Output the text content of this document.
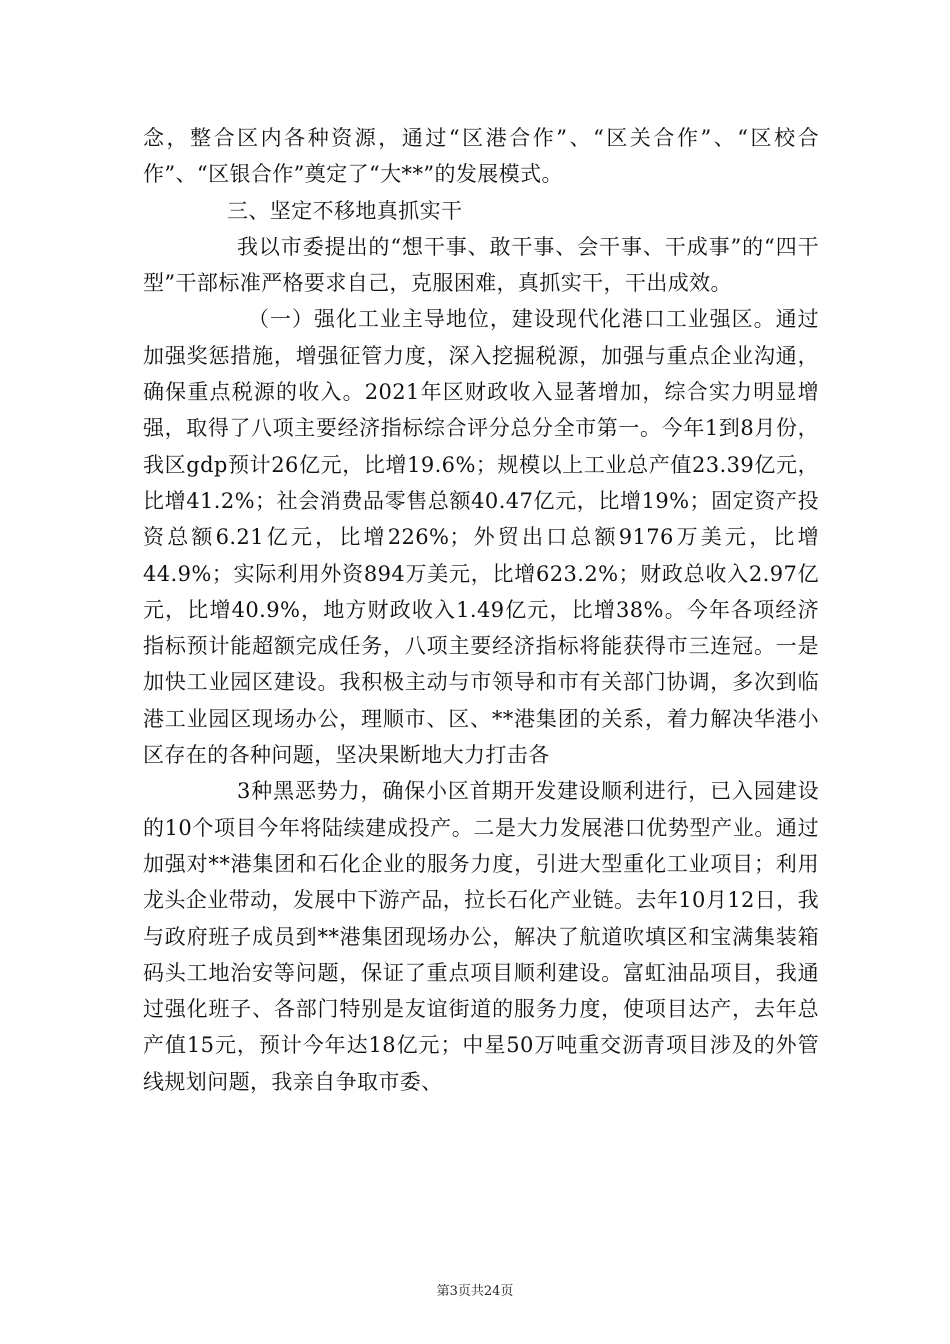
念，整合区内各种资源，通过“区港合作”、“区关合作”、“区校合作”、“区银合作”奠定了“大**”的发展模式。

三、坚定不移地真抓实干

我以市委提出的“想干事、敢干事、会干事、干成事”的“四干型”干部标准严格要求自己，克服困难，真抓实干，干出成效。

（一）强化工业主导地位，建设现代化港口工业强区。通过加强奖惩措施，增强征管力度，深入挖掘税源，加强与重点企业沟通，确保重点税源的收入。2021年区财政收入显著增加，综合实力明显增强，取得了八项主要经济指标综合评分总分全市第一。今年1到8月份，我区gdp预计26亿元，比增19.6%；规模以上工业总产值23.39亿元，比增41.2%；社会消费品零售总额40.47亿元，比增19%；固定资产投资总额6.21亿元，比增226%；外贸出口总额9176万美元，比增44.9%；实际利用外资894万美元，比增623.2%；财政总收入2.97亿元，比增40.9%，地方财政收入1.49亿元，比增38%。今年各项经济指标预计能超额完成任务，八项主要经济指标将能获得市三连冠。一是加快工业园区建设。我积极主动与市领导和市有关部门协调，多次到临港工业园区现场办公，理顺市、区、**港集团的关系，着力解决华港小区存在的各种问题，坚决果断地大力打击各

3种黑恶势力，确保小区首期开发建设顺利进行，已入园建设的10个项目今年将陆续建成投产。二是大力发展港口优势型产业。通过加强对**港集团和石化企业的服务力度，引进大型重化工业项目；利用龙头企业带动，发展中下游产品，拉长石化产业链。去年10月12日，我与政府班子成员到**港集团现场办公，解决了航道吹填区和宝满集装箱码头工地治安等问题，保证了重点项目顺利建设。富虹油品项目，我通过强化班子、各部门特别是友谊街道的服务力度，使项目达产，去年总产值15元，预计今年达18亿元；中星50万吨重交沥青项目涉及的外管线规划问题，我亲自争取市委、

第3页共24页
